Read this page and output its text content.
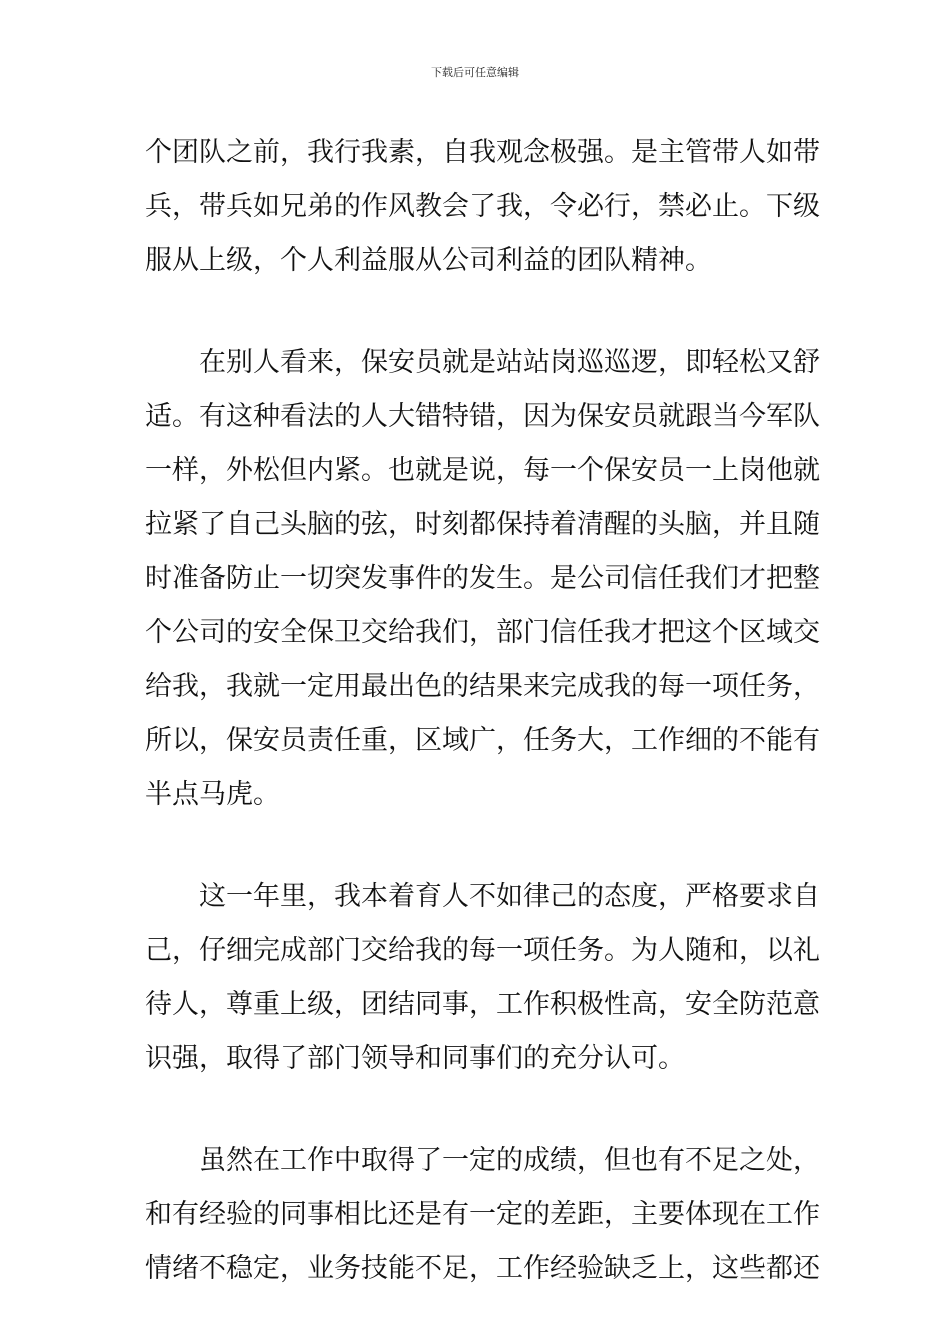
下载后可任意编辑
个团队之前，我行我素，自我观念极强。是主管带人如带
兵，带兵如兄弟的作风教会了我，令必行，禁必止。下级
服从上级，个人利益服从公司利益的团队精神。
在别人看来，保安员就是站站岗巡巡逻，即轻松又舒
适。有这种看法的人大错特错，因为保安员就跟当今军队
一样，外松但内紧。也就是说，每一个保安员一上岗他就
拉紧了自己头脑的弦，时刻都保持着清醒的头脑，并且随
时准备防止一切突发事件的发生。是公司信任我们才把整
个公司的安全保卫交给我们，部门信任我才把这个区域交
给我，我就一定用最出色的结果来完成我的每一项任务，
所以，保安员责任重，区域广，任务大，工作细的不能有
半点马虎。
这一年里，我本着育人不如律己的态度，严格要求自
己，仔细完成部门交给我的每一项任务。为人随和，以礼
待人，尊重上级，团结同事，工作积极性高，安全防范意
识强，取得了部门领导和同事们的充分认可。
虽然在工作中取得了一定的成绩，但也有不足之处，
和有经验的同事相比还是有一定的差距，主要体现在工作
情绪不稳定，业务技能不足，工作经验缺乏上，这些都还
